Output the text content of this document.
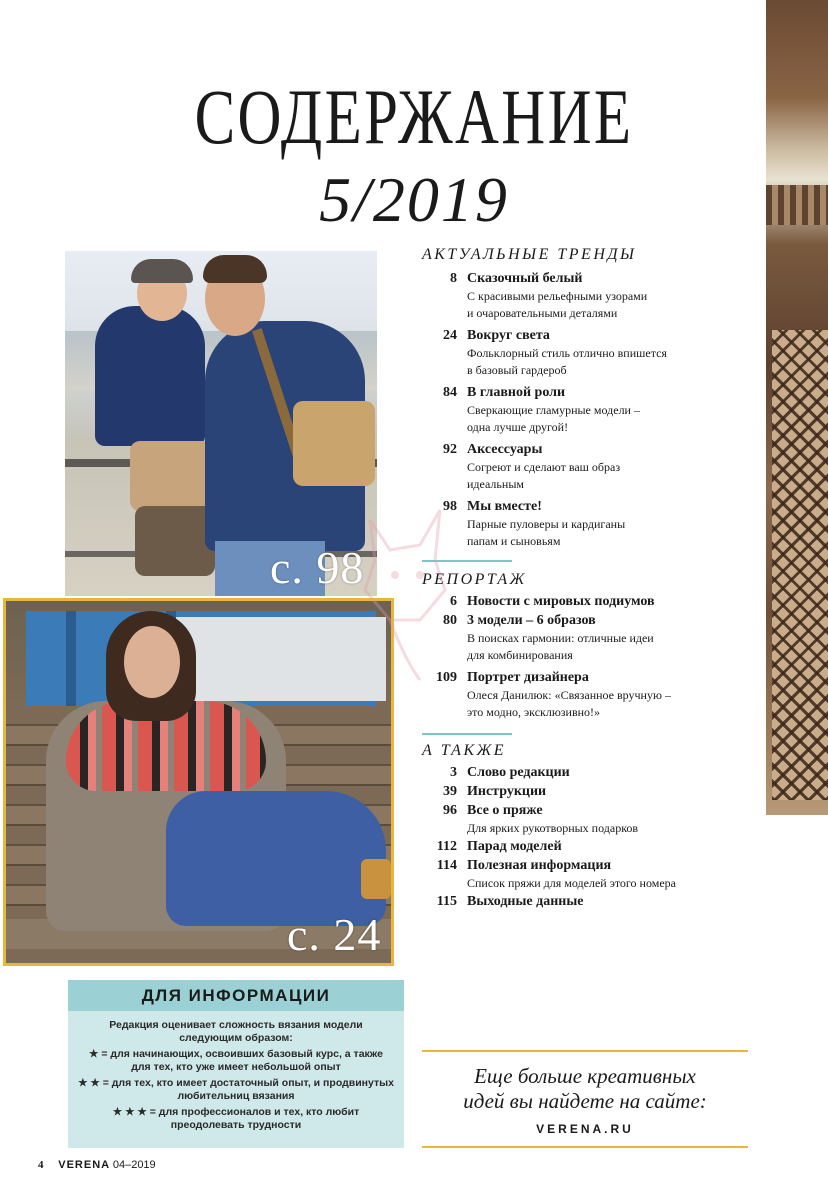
СОДЕРЖАНИЕ
5/2019
с. 98
с. 24
АКТУАЛЬНЫЕ ТРЕНДЫ
8 Сказочный белый
С красивыми рельефными узорами
и очаровательными деталями
24 Вокруг света
Фольклорный стиль отлично впишется
в базовый гардероб
84 В главной роли
Сверкающие гламурные модели –
одна лучше другой!
92 Аксессуары
Согреют и сделают ваш образ
идеальным
98 Мы вместе!
Парные пуловеры и кардиганы
папам и сыновьям
РЕПОРТАЖ
6 Новости с мировых подиумов
80 3 модели – 6 образов
В поисках гармонии: отличные идеи
для комбинирования
109 Портрет дизайнера
Олеся Данилюк: «Связанное вручную –
это модно, эксклюзивно!»
А ТАКЖЕ
3 Слово редакции
39 Инструкции
96 Все о пряже
Для ярких рукотворных подарков
112 Парад моделей
114 Полезная информация
Список пряжи для моделей этого номера
115 Выходные данные
ДЛЯ ИНФОРМАЦИИ

Редакция оценивает сложность вязания модели следующим образом:

★ = для начинающих, освоивших базовый курс, а также для тех, кто уже имеет небольшой опыт

★ ★ = для тех, кто имеет достаточный опыт, и продвинутых любительниц вязания

★ ★ ★ = для профессионалов и тех, кто любит преодолевать трудности

Еще больше креативных
идей вы найдете на сайте:
VERENA.RU
4 VERENA 04–2019
